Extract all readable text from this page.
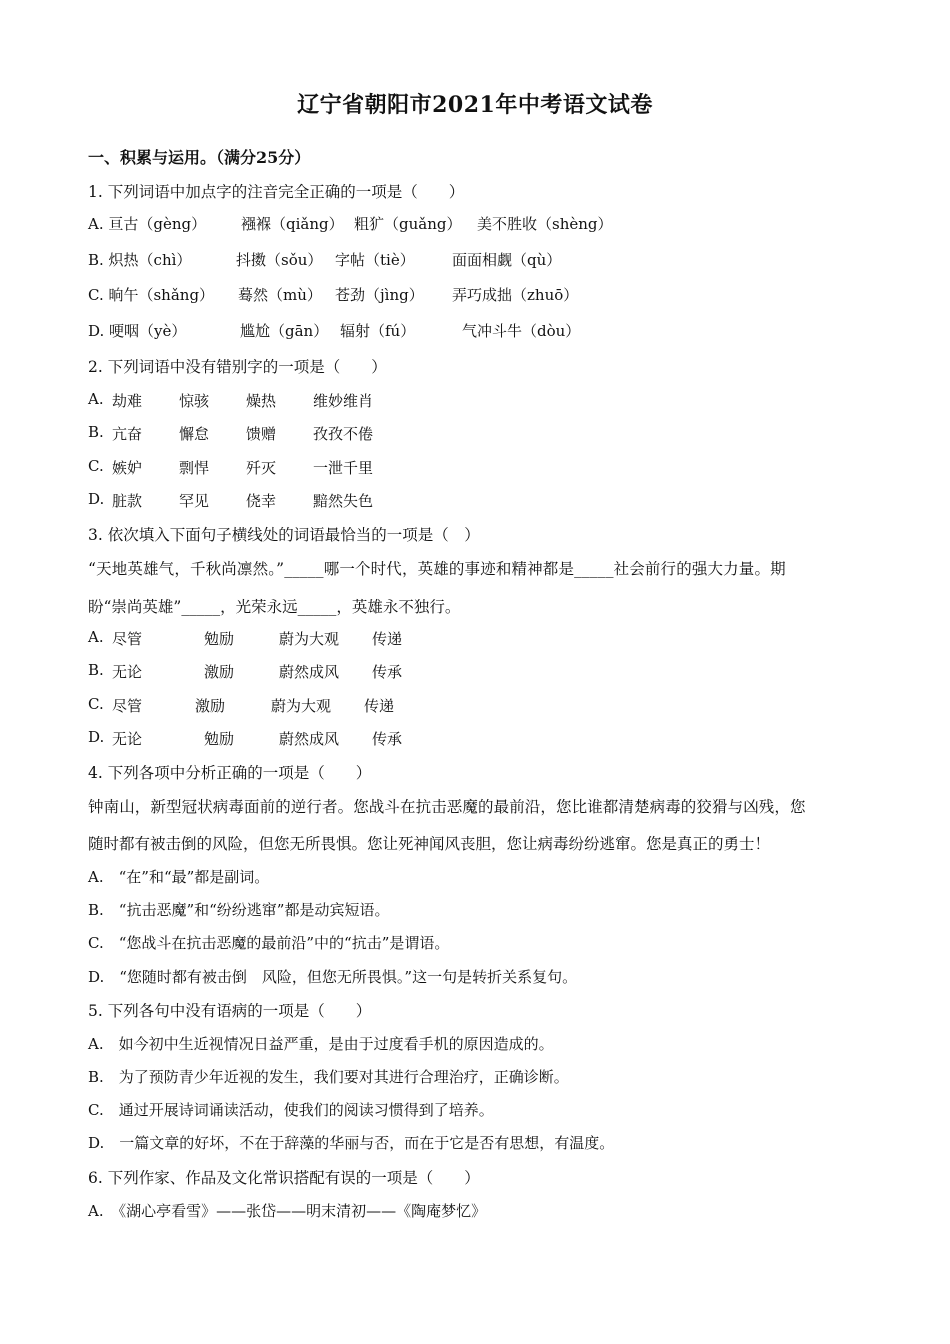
辽宁省朝阳市2021年中考语文试卷
一、积累与运用。（满分25分）
1. 下列词语中加点字的注音完全正确的一项是（　　）
A. 亘古（gèng） 襁褓（qiǎng） 粗犷（guǎng） 美不胜收（shèng）
B. 炽热（chì）	抖擞（sǒu） 字帖（tiè） 面面相觑（qù）
C. 晌午（shǎng） 蓦然（mù） 苍劲（jìng） 弄巧成拙（zhuō）
D. 哽咽（yè）	尴尬（gān） 辐射（fú）	气冲斗牛（dòu）
2. 下列词语中没有错别字的一项是（　　）
A. 劫难 惊骇 燥热 维妙维肖
B. 亢奋 懈怠 馈赠 孜孜不倦
C. 嫉妒 剽悍 歼灭 一泄千里
D. 脏款 罕见 侥幸 黯然失色
3. 依次填入下面句子横线处的词语最恰当的一项是（　）
“天地英雄气，千秋尚凛然。”_____哪一个时代，英雄的事迹和精神都是_____社会前行的强大力量。期
盼“崇尚英雄”_____，光荣永远_____，英雄永不独行。
A. 尽管	勉励	蔚为大观 传递
B. 无论	激励	蔚然成风 传承
C. 尽管	激励	蔚为大观 传递
D. 无论	勉励	蔚然成风 传承
4. 下列各项中分析正确的一项是（　　）
钟南山，新型冠状病毒面前的逆行者。您战斗在抗击恶魔的最前沿，您比谁都清楚病毒的狡猾与凶残，您
随时都有被击倒的风险，但您无所畏惧。您让死神闻风丧胆，您让病毒纷纷逃窜。您是真正的勇士！
A.　“在”和“最”都是副词。
B.　“抗击恶魔”和“纷纷逃窜”都是动宾短语。
C.　“您战斗在抗击恶魔的最前沿”中的“抗击”是谓语。
D.　“您随时都有被击倒　风险，但您无所畏惧。”这一句是转折关系复句。
5. 下列各句中没有语病的一项是（　　）
A.　如今初中生近视情况日益严重，是由于过度看手机的原因造成的。
B.　为了预防青少年近视的发生，我们要对其进行合理治疗，正确诊断。
C.　通过开展诗词诵读活动，使我们的阅读习惯得到了培养。
D.　一篇文章的好坏，不在于辞藻的华丽与否，而在于它是否有思想，有温度。
6. 下列作家、作品及文化常识搭配有误的一项是（　　）
A.　《湖心亭看雪》——张岱——明末清初——《陶庵梦忆》
